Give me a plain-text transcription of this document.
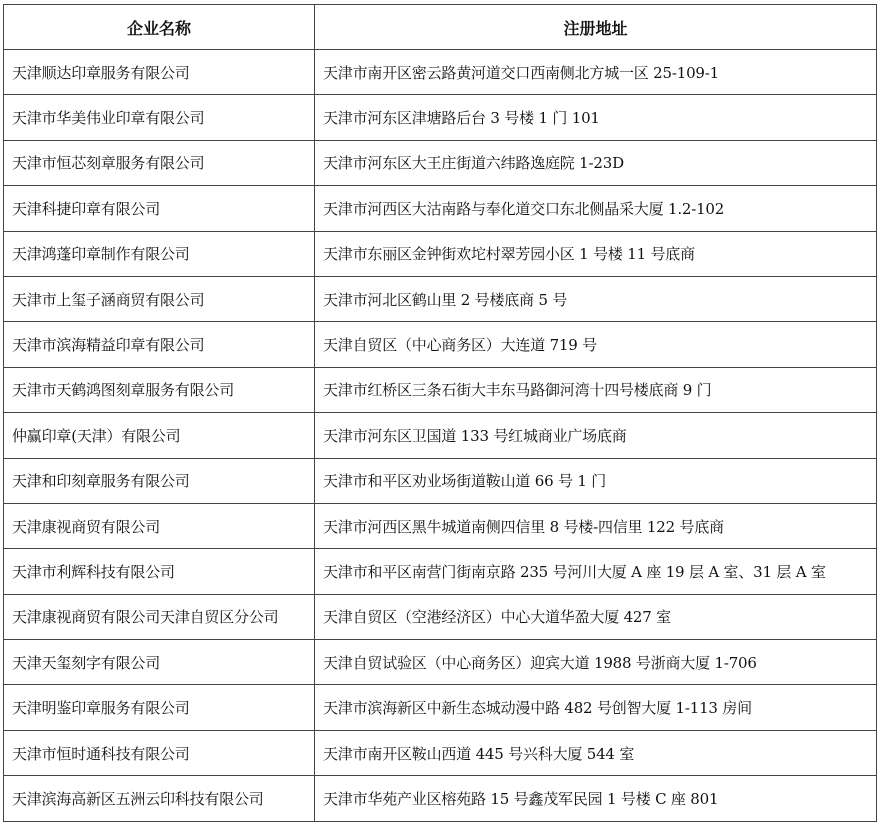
企业名称	注册地址
天津顺达印章服务有限公司	天津市南开区密云路黄河道交口西南侧北方城一区 25-109-1
天津市华美伟业印章有限公司	天津市河东区津塘路后台 3 号楼 1 门 101
天津市恒芯刻章服务有限公司	天津市河东区大王庄街道六纬路逸庭院 1-23D
天津科捷印章有限公司	天津市河西区大沽南路与奉化道交口东北侧晶采大厦 1.2-102
天津鸿蓬印章制作有限公司	天津市东丽区金钟街欢坨村翠芳园小区 1 号楼 11 号底商
天津市上玺子涵商贸有限公司	天津市河北区鹤山里 2 号楼底商 5 号
天津市滨海精益印章有限公司	天津自贸区（中心商务区）大连道 719 号
天津市天鹤鸿图刻章服务有限公司	天津市红桥区三条石街大丰东马路御河湾十四号楼底商 9 门
仲赢印章(天津）有限公司	天津市河东区卫国道 133 号红城商业广场底商
天津和印刻章服务有限公司	天津市和平区劝业场街道鞍山道 66 号 1 门
天津康视商贸有限公司	天津市河西区黑牛城道南侧四信里 8 号楼-四信里 122 号底商
天津市利辉科技有限公司	天津市和平区南营门街南京路 235 号河川大厦 A 座 19 层 A 室、31 层 A 室
天津康视商贸有限公司天津自贸区分公司	天津自贸区（空港经济区）中心大道华盈大厦 427 室
天津天玺刻字有限公司	天津自贸试验区（中心商务区）迎宾大道 1988 号浙商大厦 1-706
天津明鉴印章服务有限公司	天津市滨海新区中新生态城动漫中路 482 号创智大厦 1-113 房间
天津市恒时通科技有限公司	天津市南开区鞍山西道 445 号兴科大厦 544 室
天津滨海高新区五洲云印科技有限公司	天津市华苑产业区榕苑路 15 号鑫茂军民园 1 号楼 C 座 801
